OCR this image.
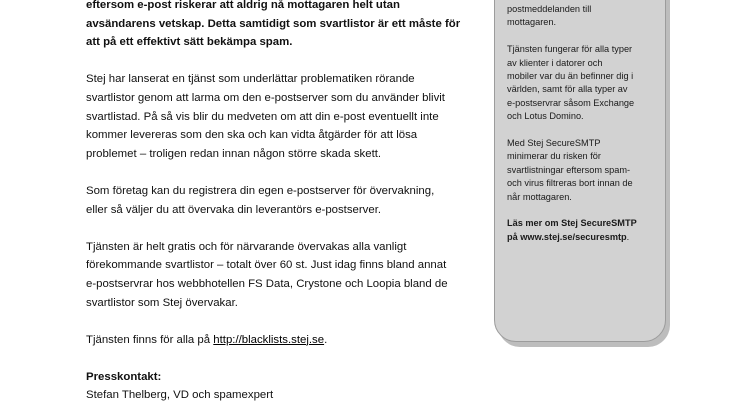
eftersom e-post riskerar att aldrig nå mottagaren helt utan
avsändarens vetskap. Detta samtidigt som svartlistor är ett måste för
att på ett effektivt sätt bekämpa spam.

Stej har lanserat en tjänst som underlättar problematiken rörande
svartlistor genom att larma om den e-postserver som du använder blivit
svartlistad. På så vis blir du medveten om att din e-post eventuellt inte
kommer levereras som den ska och kan vidta åtgärder för att lösa
problemet – troligen redan innan någon större skada skett.

Som företag kan du registrera din egen e-postserver för övervakning,
eller så väljer du att övervaka din leverantörs e-postserver.

Tjänsten är helt gratis och för närvarande övervakas alla vanligt
förekommande svartlistor – totalt över 60 st. Just idag finns bland annat
e-postservrar hos webbhotellen FS Data, Crystone och Loopia bland de
svartlistor som Stej övervakar.

Tjänsten finns för alla på http://blacklists.stej.se.

Presskontakt:
Stefan Thelberg, VD och spamexpert

postmeddelanden till
mottagaren.

Tjänsten fungerar för alla typer
av klienter i datorer och
mobiler var du än befinner dig i
världen, samt för alla typer av
e-postservrar såsom Exchange
och Lotus Domino.

Med Stej SecureSMTP
minimerar du risken för
svartlistningar eftersom spam-
och virus filtreras bort innan de
når mottagaren.

Läs mer om Stej SecureSMTP
på www.stej.se/securesmtp.
